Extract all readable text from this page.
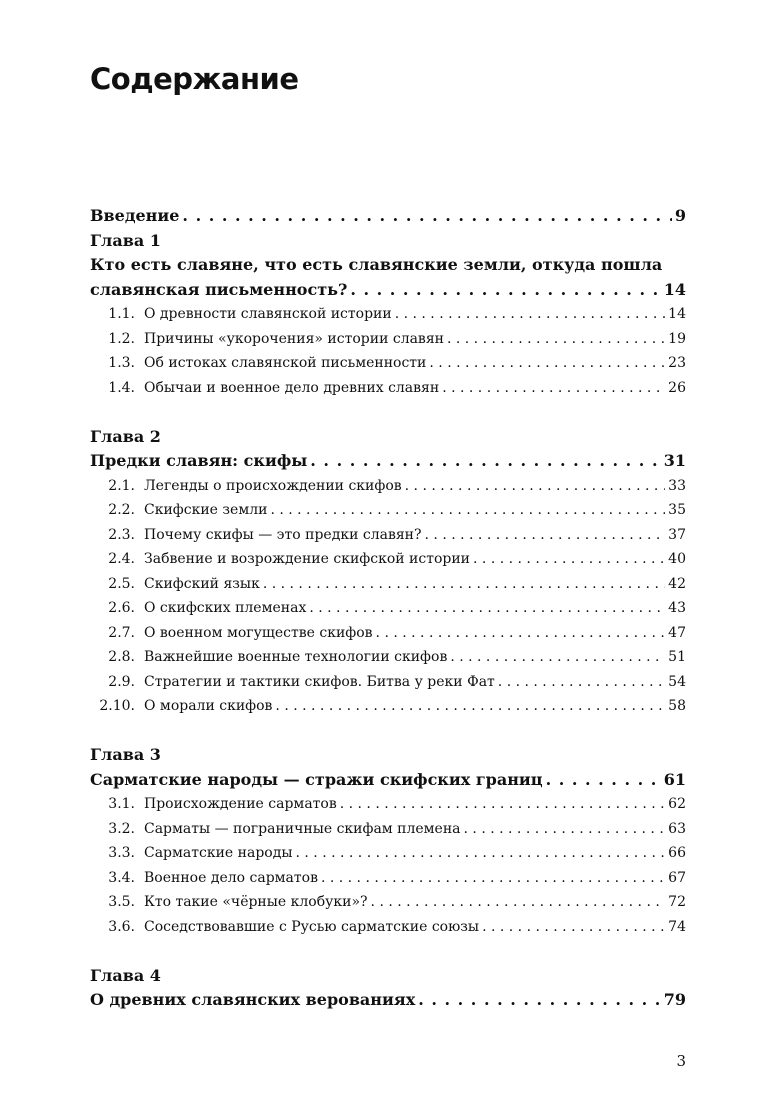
Содержание
Введение . . .	9
Глава 1
Кто есть славяне, что есть славянские земли, откуда пошла
славянская письменность? . . .	14
1.1. О древности славянской истории . . .	14
1.2. Причины «укорочения» истории славян . . .	19
1.3. Об истоках славянской письменности . . .	23
1.4. Обычаи и военное дело древних славян . . .	26
Глава 2
Предки славян: скифы . . .	31
2.1. Легенды о происхождении скифов . . .	33
2.2. Скифские земли . . .	35
2.3. Почему скифы — это предки славян? . . .	37
2.4. Забвение и возрождение скифской истории . . .	40
2.5. Скифский язык . . .	42
2.6. О скифских племенах . . .	43
2.7. О военном могуществе скифов . . .	47
2.8. Важнейшие военные технологии скифов . . .	51
2.9. Стратегии и тактики скифов. Битва у реки Фат . . .	54
2.10. О морали скифов . . .	58
Глава 3
Сарматские народы — стражи скифских границ . . .	61
3.1. Происхождение сарматов . . .	62
3.2. Сарматы — пограничные скифам племена . . .	63
3.3. Сарматские народы . . .	66
3.4. Военное дело сарматов . . .	67
3.5. Кто такие «чёрные клобуки»? . . .	72
3.6. Соседствовавшие с Русью сарматские союзы . . .	74
Глава 4
О древних славянских верованиях . . .	79
3
